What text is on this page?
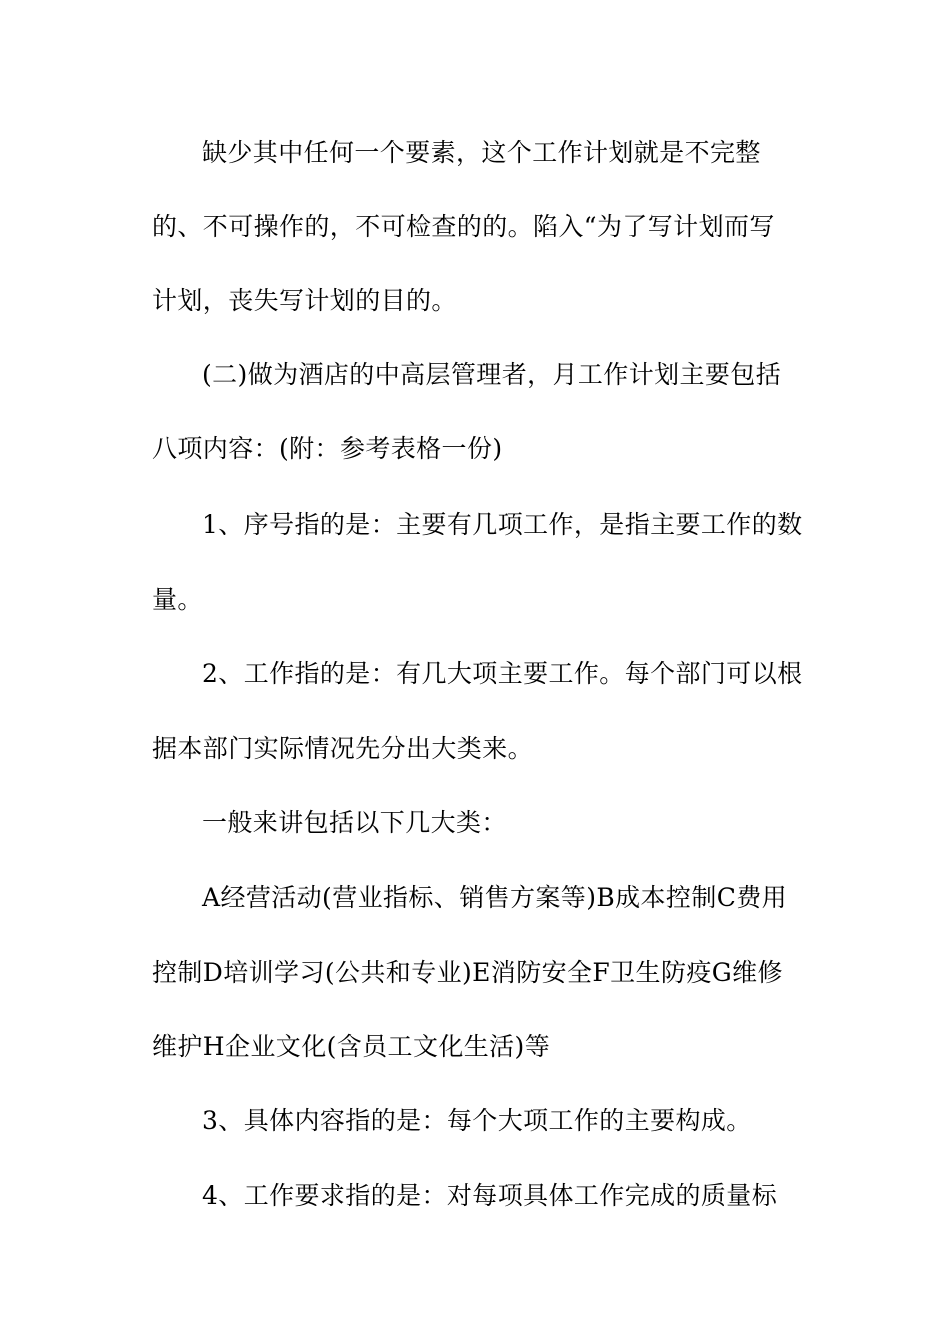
缺少其中任何一个要素，这个工作计划就是不完整
的、不可操作的，不可检查的的。陷入“为了写计划而写
计划，丧失写计划的目的。
(二)做为酒店的中高层管理者，月工作计划主要包括
八项内容：(附：参考表格一份)
1、序号指的是：主要有几项工作，是指主要工作的数
量。
2、工作指的是：有几大项主要工作。每个部门可以根
据本部门实际情况先分出大类来。
一般来讲包括以下几大类：
A经营活动(营业指标、销售方案等)B成本控制C费用
控制D培训学习(公共和专业)E消防安全F卫生防疫G维修
维护H企业文化(含员工文化生活)等
3、具体内容指的是：每个大项工作的主要构成。
4、工作要求指的是：对每项具体工作完成的质量标
